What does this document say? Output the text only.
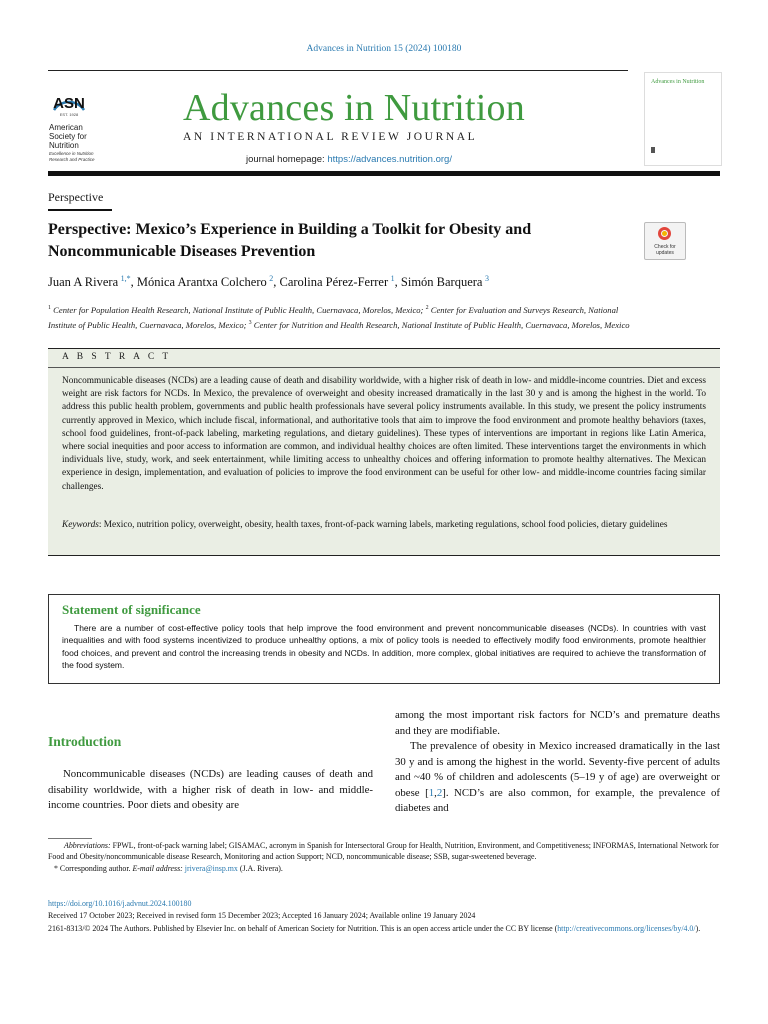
Advances in Nutrition 15 (2024) 100180
ASN
EST. 1928
American Society for Nutrition
Excellence in Nutrition Research and Practice
Advances in Nutrition
AN INTERNATIONAL REVIEW JOURNAL
journal homepage: https://advances.nutrition.org/
Advances in Nutrition
Perspective
Perspective: Mexico’s Experience in Building a Toolkit for Obesity and Noncommunicable Diseases Prevention	Check for updates
Juan A Rivera  $^{1,*}$, Mónica Arantxa Colchero  $^2$, Carolina Pérez-Ferrer  $^1$, Simón Barquera  $^3$
$^1$ Center for Population Health Research, National Institute of Public Health, Cuernavaca, Morelos, Mexico; $^2$ Center for Evaluation and Surveys Research, National Institute of Public Health, Cuernavaca, Morelos, Mexico; $^3$ Center for Nutrition and Health Research, National Institute of Public Health, Cuernavaca, Morelos, Mexico
A B S T R A C T
Noncommunicable diseases (NCDs) are a leading cause of death and disability worldwide, with a higher risk of death in low- and middle-income countries. Diet and excess weight are risk factors for NCDs. In Mexico, the prevalence of overweight and obesity increased dramatically in the last 30 y and is among the highest in the world. To address this public health problem, governments and public health professionals have several policy instruments available. In this study, we present the policy instruments currently approved in Mexico, which include fiscal, informational, and authoritative tools that aim to improve the food environment and promote healthy behaviors (taxes, school food guidelines, front-of-pack labeling, marketing regulations, and dietary guidelines). These types of interventions are important in regions like Latin America, where social inequities and poor access to information are common, and individual healthy choices are often limited. These interventions target the environments in which individuals live, study, work, and seek entertainment, while limiting access to unhealthy choices and offering information to promote healthy alternatives. The Mexican experience in design, implementation, and evaluation of policies to improve the food environment can be useful for other low- and middle-income countries facing similar challenges.
Keywords: Mexico, nutrition policy, overweight, obesity, health taxes, front-of-pack warning labels, marketing regulations, school food policies, dietary guidelines
Statement of significance
There are a number of cost-effective policy tools that help improve the food environment and prevent noncommunicable diseases (NCDs). In countries with vast inequalities and with food systems incentivized to produce unhealthy options, a mix of policy tools is needed to effectively modify food environments, promote healthier food choices, and prevent and control the increasing trends in obesity and NCDs. In addition, more complex, global initiatives are required to achieve the transformation of the food system.
Introduction
Noncommunicable diseases (NCDs) are leading causes of death and disability worldwide, with a higher risk of death in low- and middle-income countries. Poor diets and obesity are
among the most important risk factors for NCD’s and premature deaths and they are modifiable.
The prevalence of obesity in Mexico increased dramatically in the last 30 y and is among the highest in the world. Seventy-five percent of adults and ~40 % of children and adolescents (5–19 y of age) are overweight or obese [1,2]. NCD’s are also common, for example, the prevalence of diabetes and

Abbreviations: FPWL, front-of-pack warning label; GISAMAC, acronym in Spanish for Intersectoral Group for Health, Nutrition, Environment, and Competitiveness; INFORMAS, International Network for Food and Obesity/noncommunicable disease Research, Monitoring and action Support; NCD, noncommunicable disease; SSB, sugar-sweetened beverage.

* Corresponding author. E-mail address: jrivera@insp.mx (J.A. Rivera).

https://doi.org/10.1016/j.advnut.2024.100180
Received 17 October 2023; Received in revised form 15 December 2023; Accepted 16 January 2024; Available online 19 January 2024
2161-8313/© 2024 The Authors. Published by Elsevier Inc. on behalf of American Society for Nutrition. This is an open access article under the CC BY license (http://creativecommons.org/licenses/by/4.0/).
